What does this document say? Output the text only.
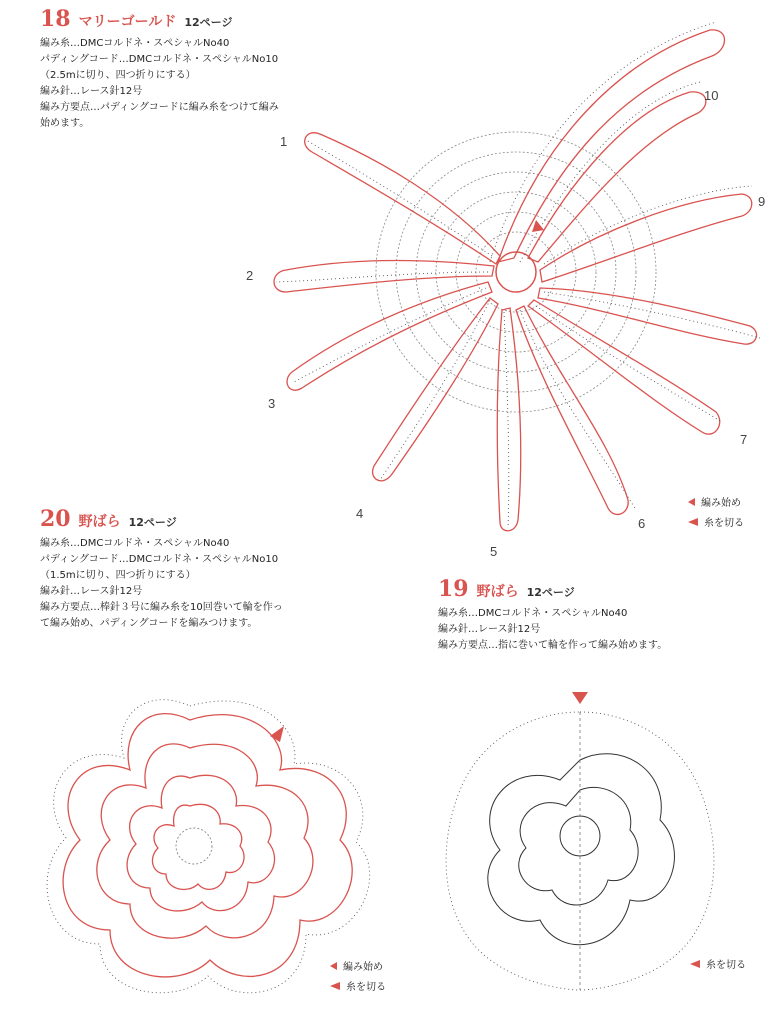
18 マリーゴールド 12ページ
編み糸…DMCコルドネ・スペシャルNo40
パディングコード…DMCコルドネ・スペシャルNo10
（2.5mに切り、四つ折りにする）
編み針…レース針12号
編み方要点…パディングコードに編み糸をつけて編み
始めます。
1
2
3
4
5
6
7
9
10
編み始め
糸を切る
20 野ばら 12ページ
編み糸…DMCコルドネ・スペシャルNo40
パディングコード…DMCコルドネ・スペシャルNo10
（1.5mに切り、四つ折りにする）
編み針…レース針12号
編み方要点…棒針３号に編み糸を10回巻いて輪を作っ
て編み始め、パディングコードを編みつけます。
19 野ばら 12ページ
編み糸…DMCコルドネ・スペシャルNo40
編み針…レース針12号
編み方要点…指に巻いて輪を作って編み始めます。
編み始め
糸を切る
糸を切る
